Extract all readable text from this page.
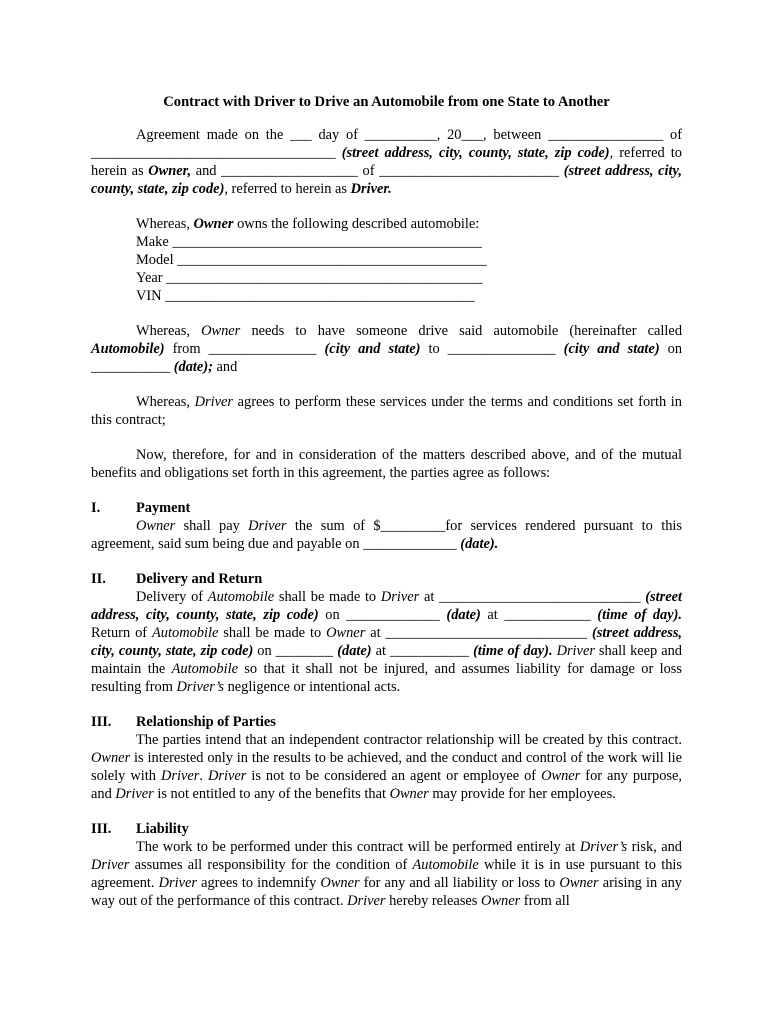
Contract with Driver to Drive an Automobile from one State to Another

Agreement made on the ___ day of __________, 20___, between ________________ of __________________________________ (street address, city, county, state, zip code), referred to herein as Owner, and ___________________ of _________________________ (street address, city, county, state, zip code), referred to herein as Driver.

Whereas, Owner owns the following described automobile:

Make ___________________________________________
Model ___________________________________________
Year ____________________________________________
VIN ___________________________________________

Whereas, Owner needs to have someone drive said automobile (hereinafter called Automobile) from _______________ (city and state) to _______________ (city and state) on ___________ (date); and

Whereas, Driver agrees to perform these services under the terms and conditions set forth in this contract;

Now, therefore, for and in consideration of the matters described above, and of the mutual benefits and obligations set forth in this agreement, the parties agree as follows:

I.	Payment

Owner shall pay Driver the sum of $_________for services rendered pursuant to this agreement, said sum being due and payable on _____________ (date).

II.	Delivery and Return

Delivery of Automobile shall be made to Driver at ____________________________ (street address, city, county, state, zip code) on _____________ (date) at ____________ (time of day). Return of Automobile shall be made to Owner at ____________________________ (street address, city, county, state, zip code) on ________ (date) at ___________ (time of day). Driver shall keep and maintain the Automobile so that it shall not be injured, and assumes liability for damage or loss resulting from Driver’s negligence or intentional acts.

III.	Relationship of Parties

The parties intend that an independent contractor relationship will be created by this contract. Owner is interested only in the results to be achieved, and the conduct and control of the work will lie solely with Driver. Driver is not to be considered an agent or employee of Owner for any purpose, and Driver is not entitled to any of the benefits that Owner may provide for her employees.

III.	Liability

The work to be performed under this contract will be performed entirely at Driver’s risk, and Driver assumes all responsibility for the condition of Automobile while it is in use pursuant to this agreement. Driver agrees to indemnify Owner for any and all liability or loss to Owner arising in any way out of the performance of this contract. Driver hereby releases Owner from all
